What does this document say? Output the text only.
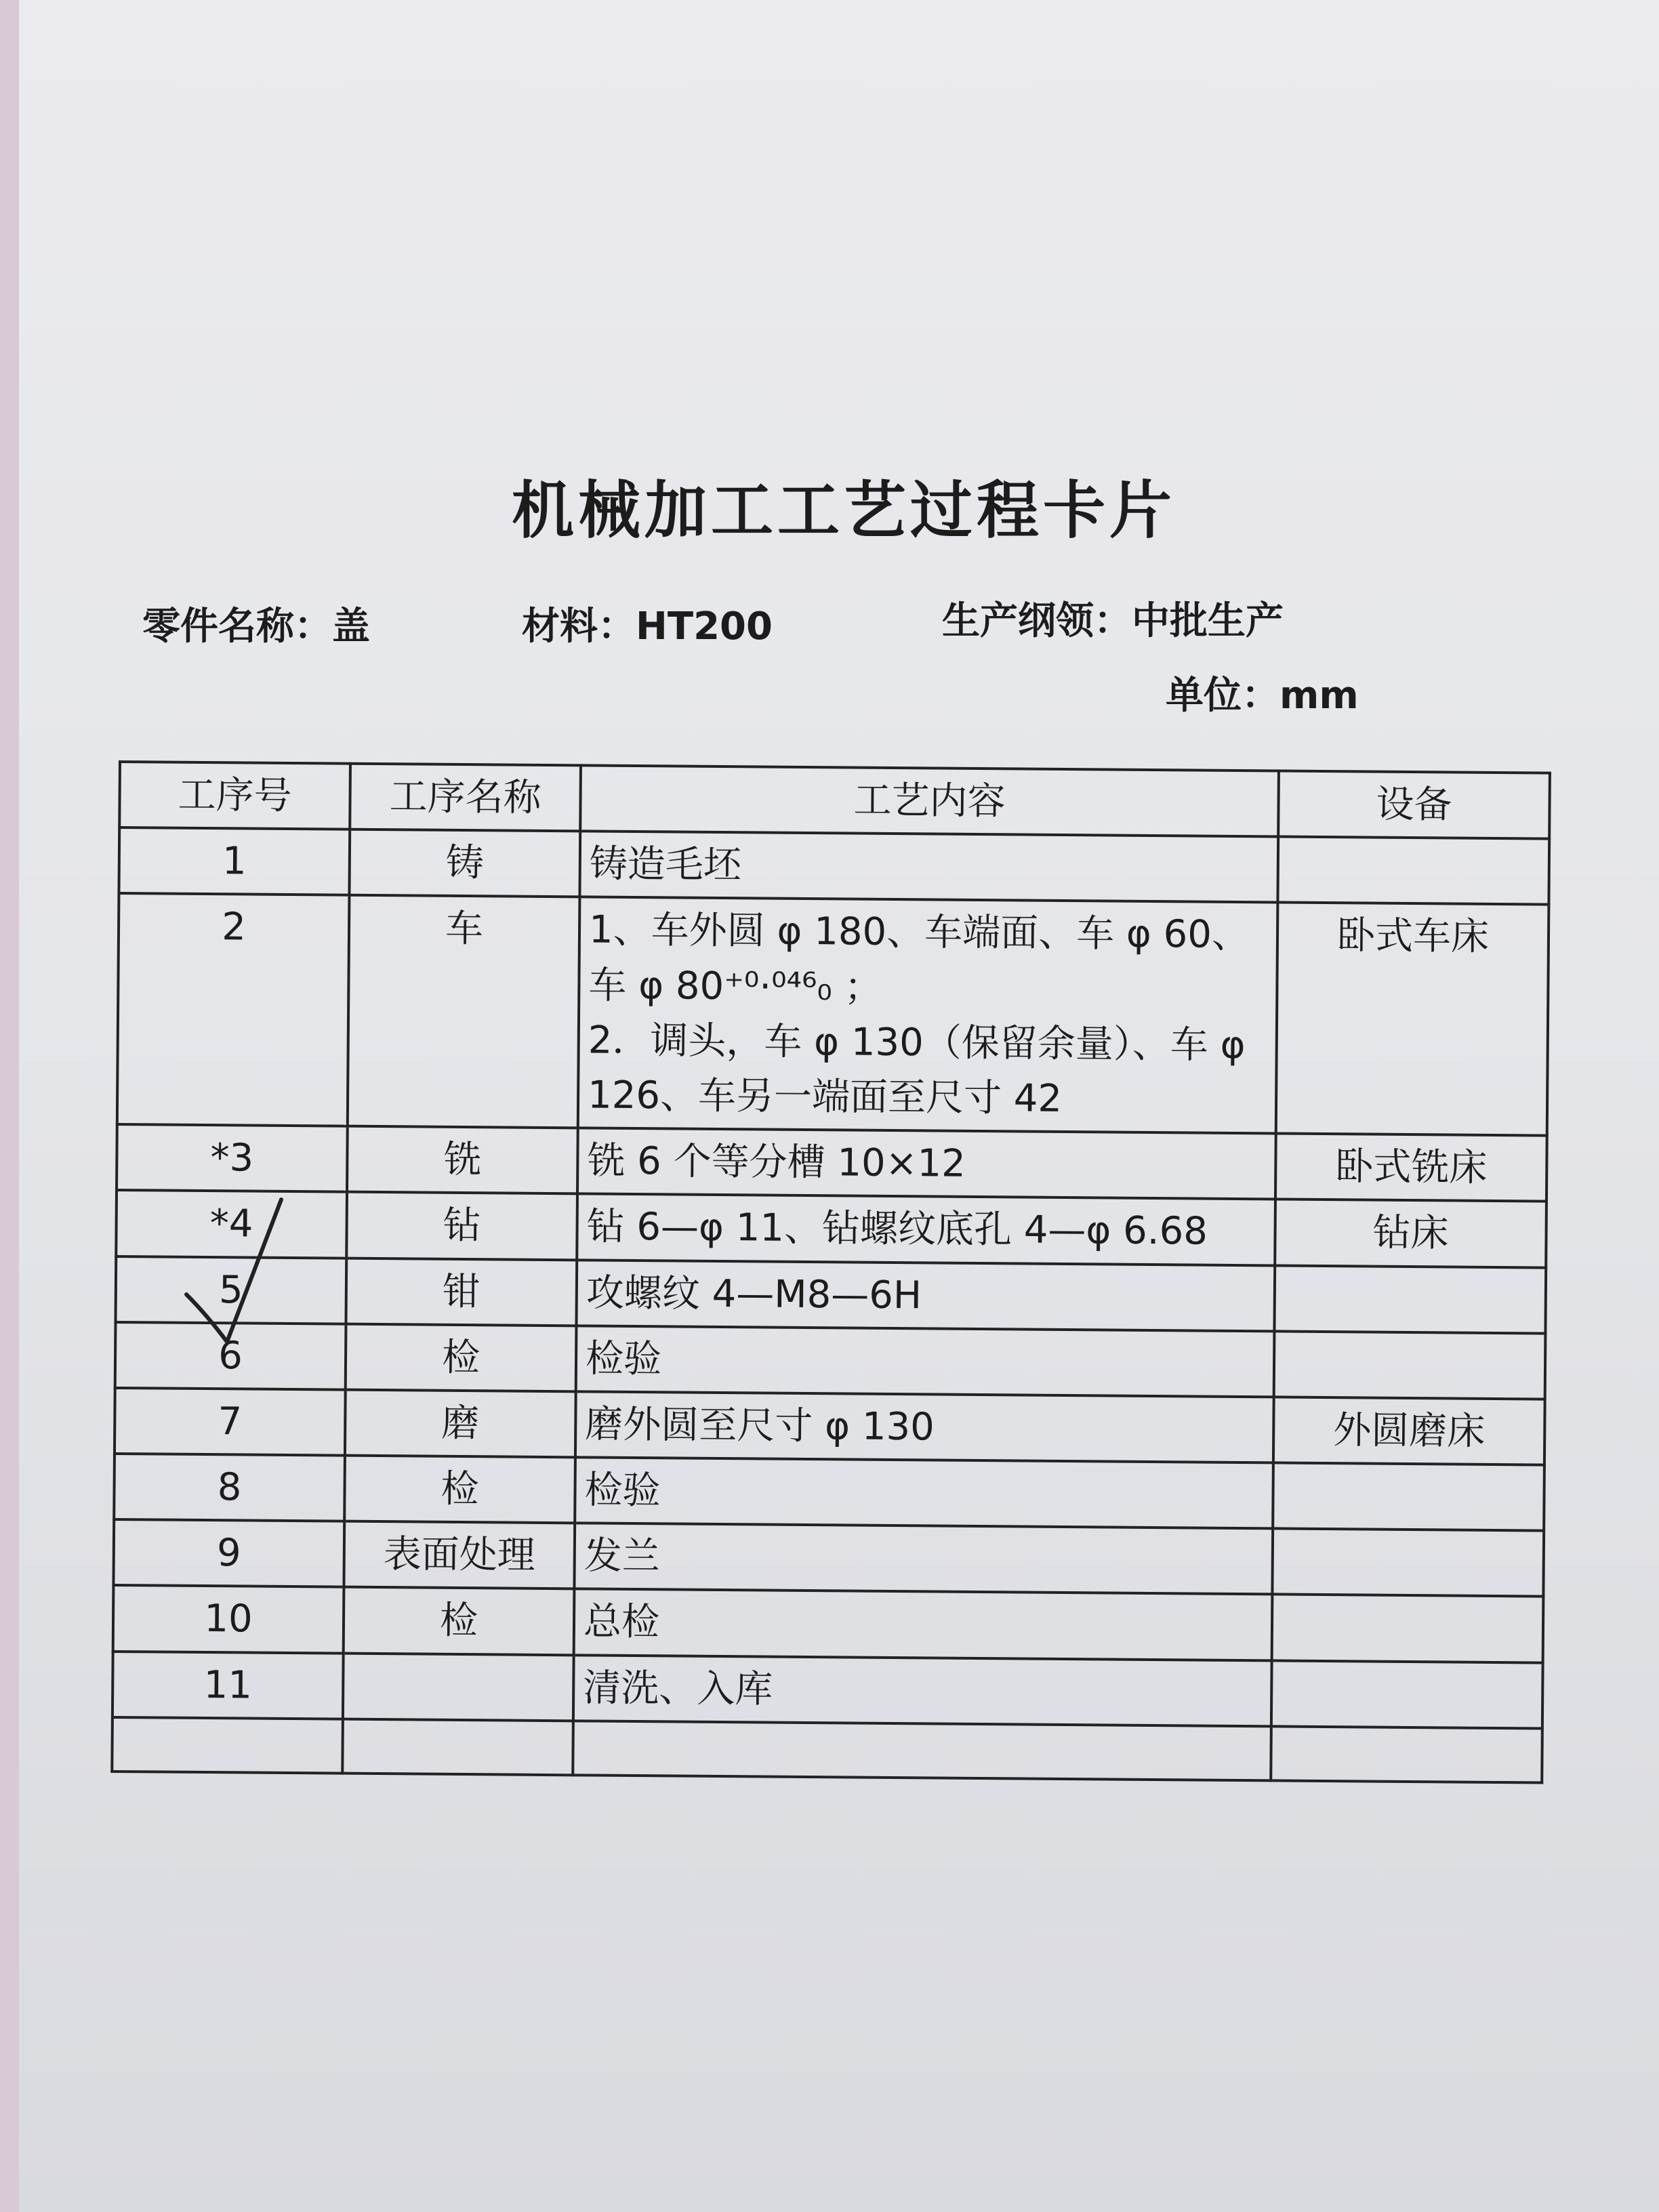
机械加工工艺过程卡片
零件名称：盖	材料：HT200	生产纲领：中批生产
单位：mm
工序号	工序名称	工艺内容	设备
1	铸	铸造毛坯	
2	车	1、车外圆 φ 180、车端面、车 φ 60、车 φ 80⁺⁰·⁰⁴⁶₀ ；
2．调头，车 φ 130（保留余量）、车 φ 126、车另一端面至尺寸 42	卧式车床
*3	铣	铣 6 个等分槽 10×12	卧式铣床
*4	钻	钻 6—φ 11、钻螺纹底孔 4—φ 6.68	钻床
5	钳	攻螺纹 4—M8—6H	
6	检	检验	
7	磨	磨外圆至尺寸 φ 130	外圆磨床
8	检	检验	
9	表面处理	发兰	
10	检	总检	
11		清洗、入库	
